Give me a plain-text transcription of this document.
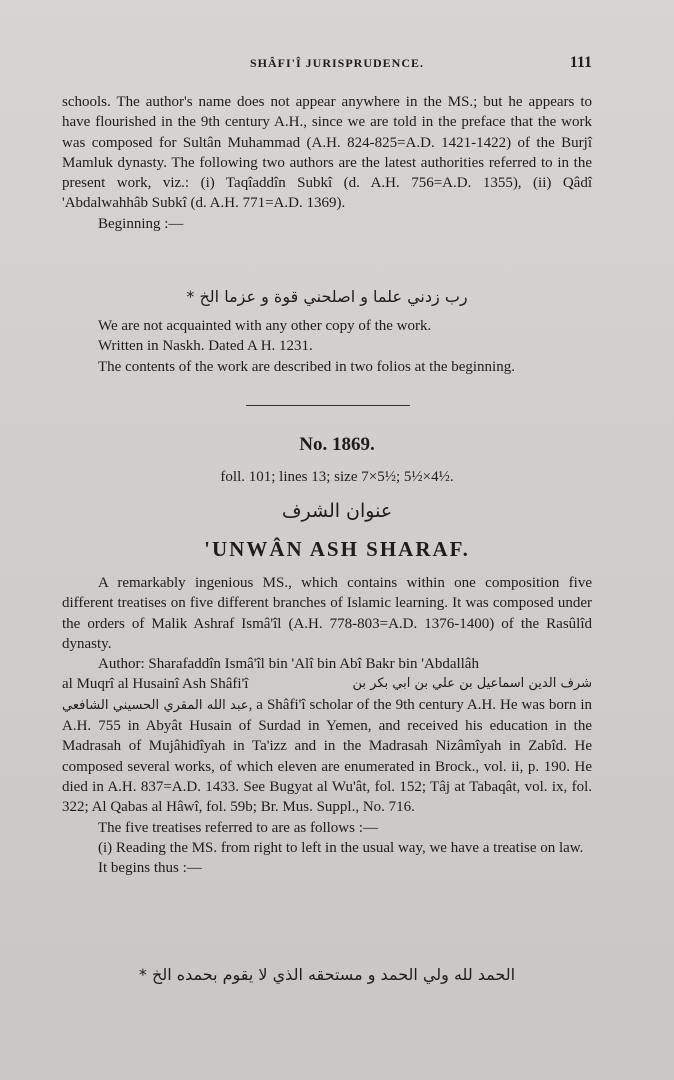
SHÂFI'Î JURISPRUDENCE.	111

schools. The author's name does not appear anywhere in the MS.; but he appears to have flourished in the 9th century A.H., since we are told in the preface that the work was composed for Sultân Muhammad (A.H. 824-825=A.D. 1421-1422) of the Burjî Mamluk dynasty. The following two authors are the latest authorities referred to in the present work, viz.: (i) Taqîaddîn Subkî (d. A.H. 756=A.D. 1355), (ii) Qâdî 'Abdalwahhâb Subkî (d. A.H. 771=A.D. 1369).

Beginning :—

رب زدني علما و اصلحني قوة و عزما الخ *

We are not acquainted with any other copy of the work.

Written in Naskh. Dated A H. 1231.

The contents of the work are described in two folios at the beginning.

No. 1869.
foll. 101; lines 13; size 7×5½; 5½×4½.
عنوان الشرف
'UNWÂN ASH SHARAF.

A remarkably ingenious MS., which contains within one composition five different treatises on five different branches of Islamic learning. It was composed under the orders of Malik Ashraf Ismâ'îl (A.H. 778-803=A.D. 1376-1400) of the Rasûlîd dynasty.

Author: Sharafaddîn Ismâ'îl bin 'Alî bin Abî Bakr bin 'Abdallâh

al Muqrî al Husainî Ash Shâfi'î	شرف الدين اسماعيل بن علي بن ابي بكر بن

عبد الله المقري الحسيني الشافعي, a Shâfi'î scholar of the 9th century A.H. He was born in A.H. 755 in Abyât Husain of Surdad in Yemen, and received his education in the Madrasah of Mujâhidîyah in Ta'izz and in the Madrasah Nizâmîyah in Zabîd. He composed several works, of which eleven are enumerated in Brock., vol. ii, p. 190. He died in A.H. 837=A.D. 1433. See Bugyat al Wu'ât, fol. 152; Tâj at Tabaqât, vol. ix, fol. 322; Al Qabas al Hâwî, fol. 59b; Br. Mus. Suppl., No. 716.

The five treatises referred to are as follows :—

(i) Reading the MS. from right to left in the usual way, we have a treatise on law.

It begins thus :—

الحمد لله ولي الحمد و مستحقه الذي لا يقوم بحمده الخ *
